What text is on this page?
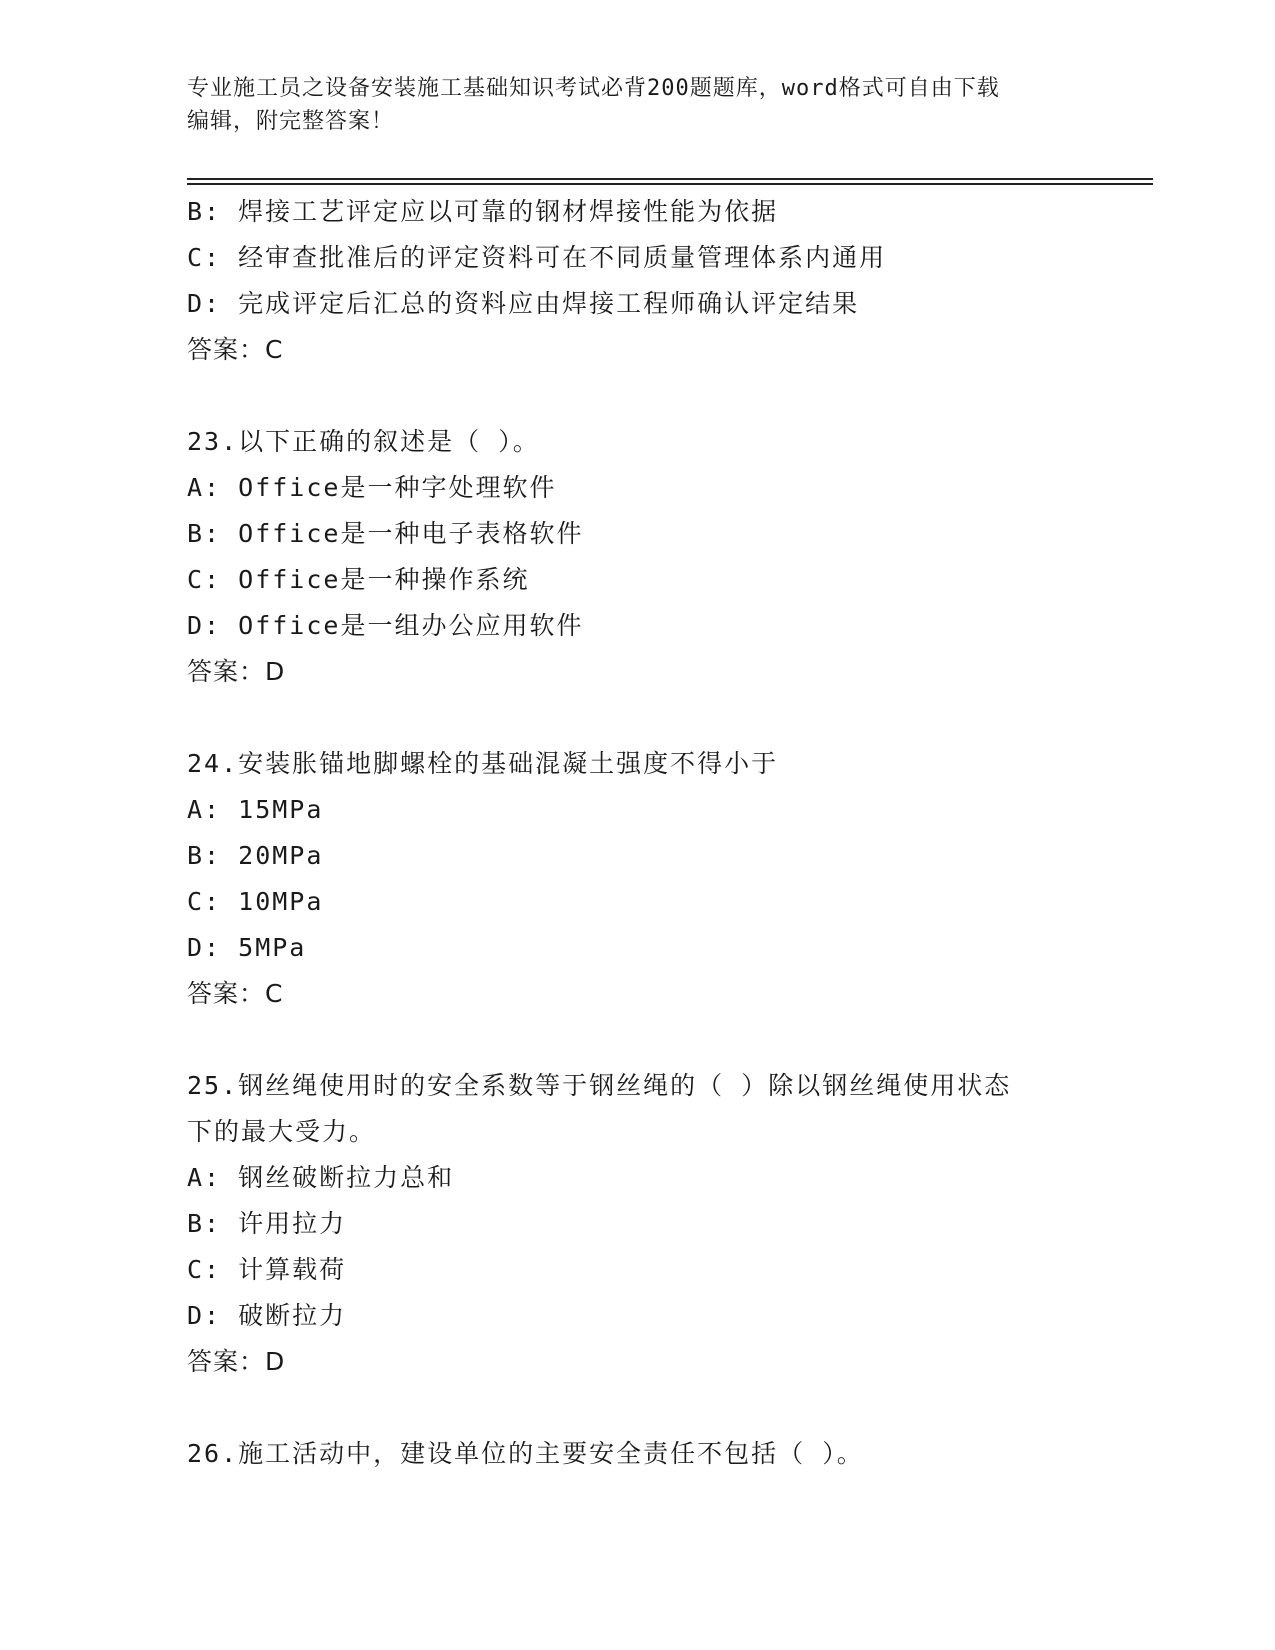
专业施工员之设备安装施工基础知识考试必背200题题库，word格式可自由下载
编辑，附完整答案！
B: 焊接工艺评定应以可靠的钢材焊接性能为依据
C: 经审查批准后的评定资料可在不同质量管理体系内通用
D: 完成评定后汇总的资料应由焊接工程师确认评定结果
答案：C
23.以下正确的叙述是（ ）。
A: Office是一种字处理软件
B: Office是一种电子表格软件
C: Office是一种操作系统
D: Office是一组办公应用软件
答案：D
24.安装胀锚地脚螺栓的基础混凝土强度不得小于
A: 15MPa
B: 20MPa
C: 10MPa
D: 5MPa
答案：C
25.钢丝绳使用时的安全系数等于钢丝绳的（ ）除以钢丝绳使用状态
下的最大受力。
A: 钢丝破断拉力总和
B: 许用拉力
C: 计算载荷
D: 破断拉力
答案：D
26.施工活动中，建设单位的主要安全责任不包括（ ）。
